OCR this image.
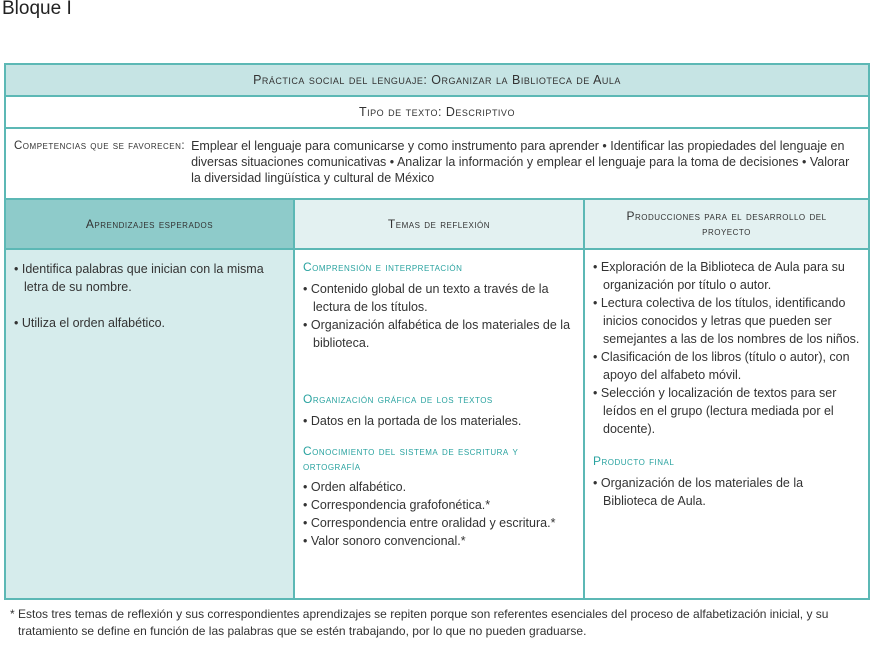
Bloque I
Práctica social del lenguaje: Organizar la Biblioteca de Aula
Tipo de texto: Descriptivo
Competencias que se favorecen: Emplear el lenguaje para comunicarse y como instrumento para aprender • Identificar las propiedades del lenguaje en diversas situaciones comunicativas • Analizar la información y emplear el lenguaje para la toma de decisiones • Valorar la diversidad lingüística y cultural de México
Aprendizajes esperados	Temas de reflexión
Producciones para el desarrollo del proyecto
• Identifica palabras que inician con la misma letra de su nombre.
• Utiliza el orden alfabético.
Comprensión e interpretación
• Contenido global de un texto a través de la lectura de los títulos.
• Organización alfabética de los materiales de la biblioteca.
Organización gráfica de los textos
• Datos en la portada de los materiales.
Conocimiento del sistema de escritura y ortografía
• Orden alfabético.
• Correspondencia grafofonética.*
• Correspondencia entre oralidad y escritura.*
• Valor sonoro convencional.*
• Exploración de la Biblioteca de Aula para su organización por título o autor.
• Lectura colectiva de los títulos, identificando inicios conocidos y letras que pueden ser semejantes a las de los nombres de los niños.
• Clasificación de los libros (título o autor), con apoyo del alfabeto móvil.
• Selección y localización de textos para ser leídos en el grupo (lectura mediada por el docente).
Producto final
• Organización de los materiales de la Biblioteca de Aula.
* Estos tres temas de reflexión y sus correspondientes aprendizajes se repiten porque son referentes esenciales del proceso de alfabetización inicial, y su tratamiento se define en función de las palabras que se estén trabajando, por lo que no pueden graduarse.
